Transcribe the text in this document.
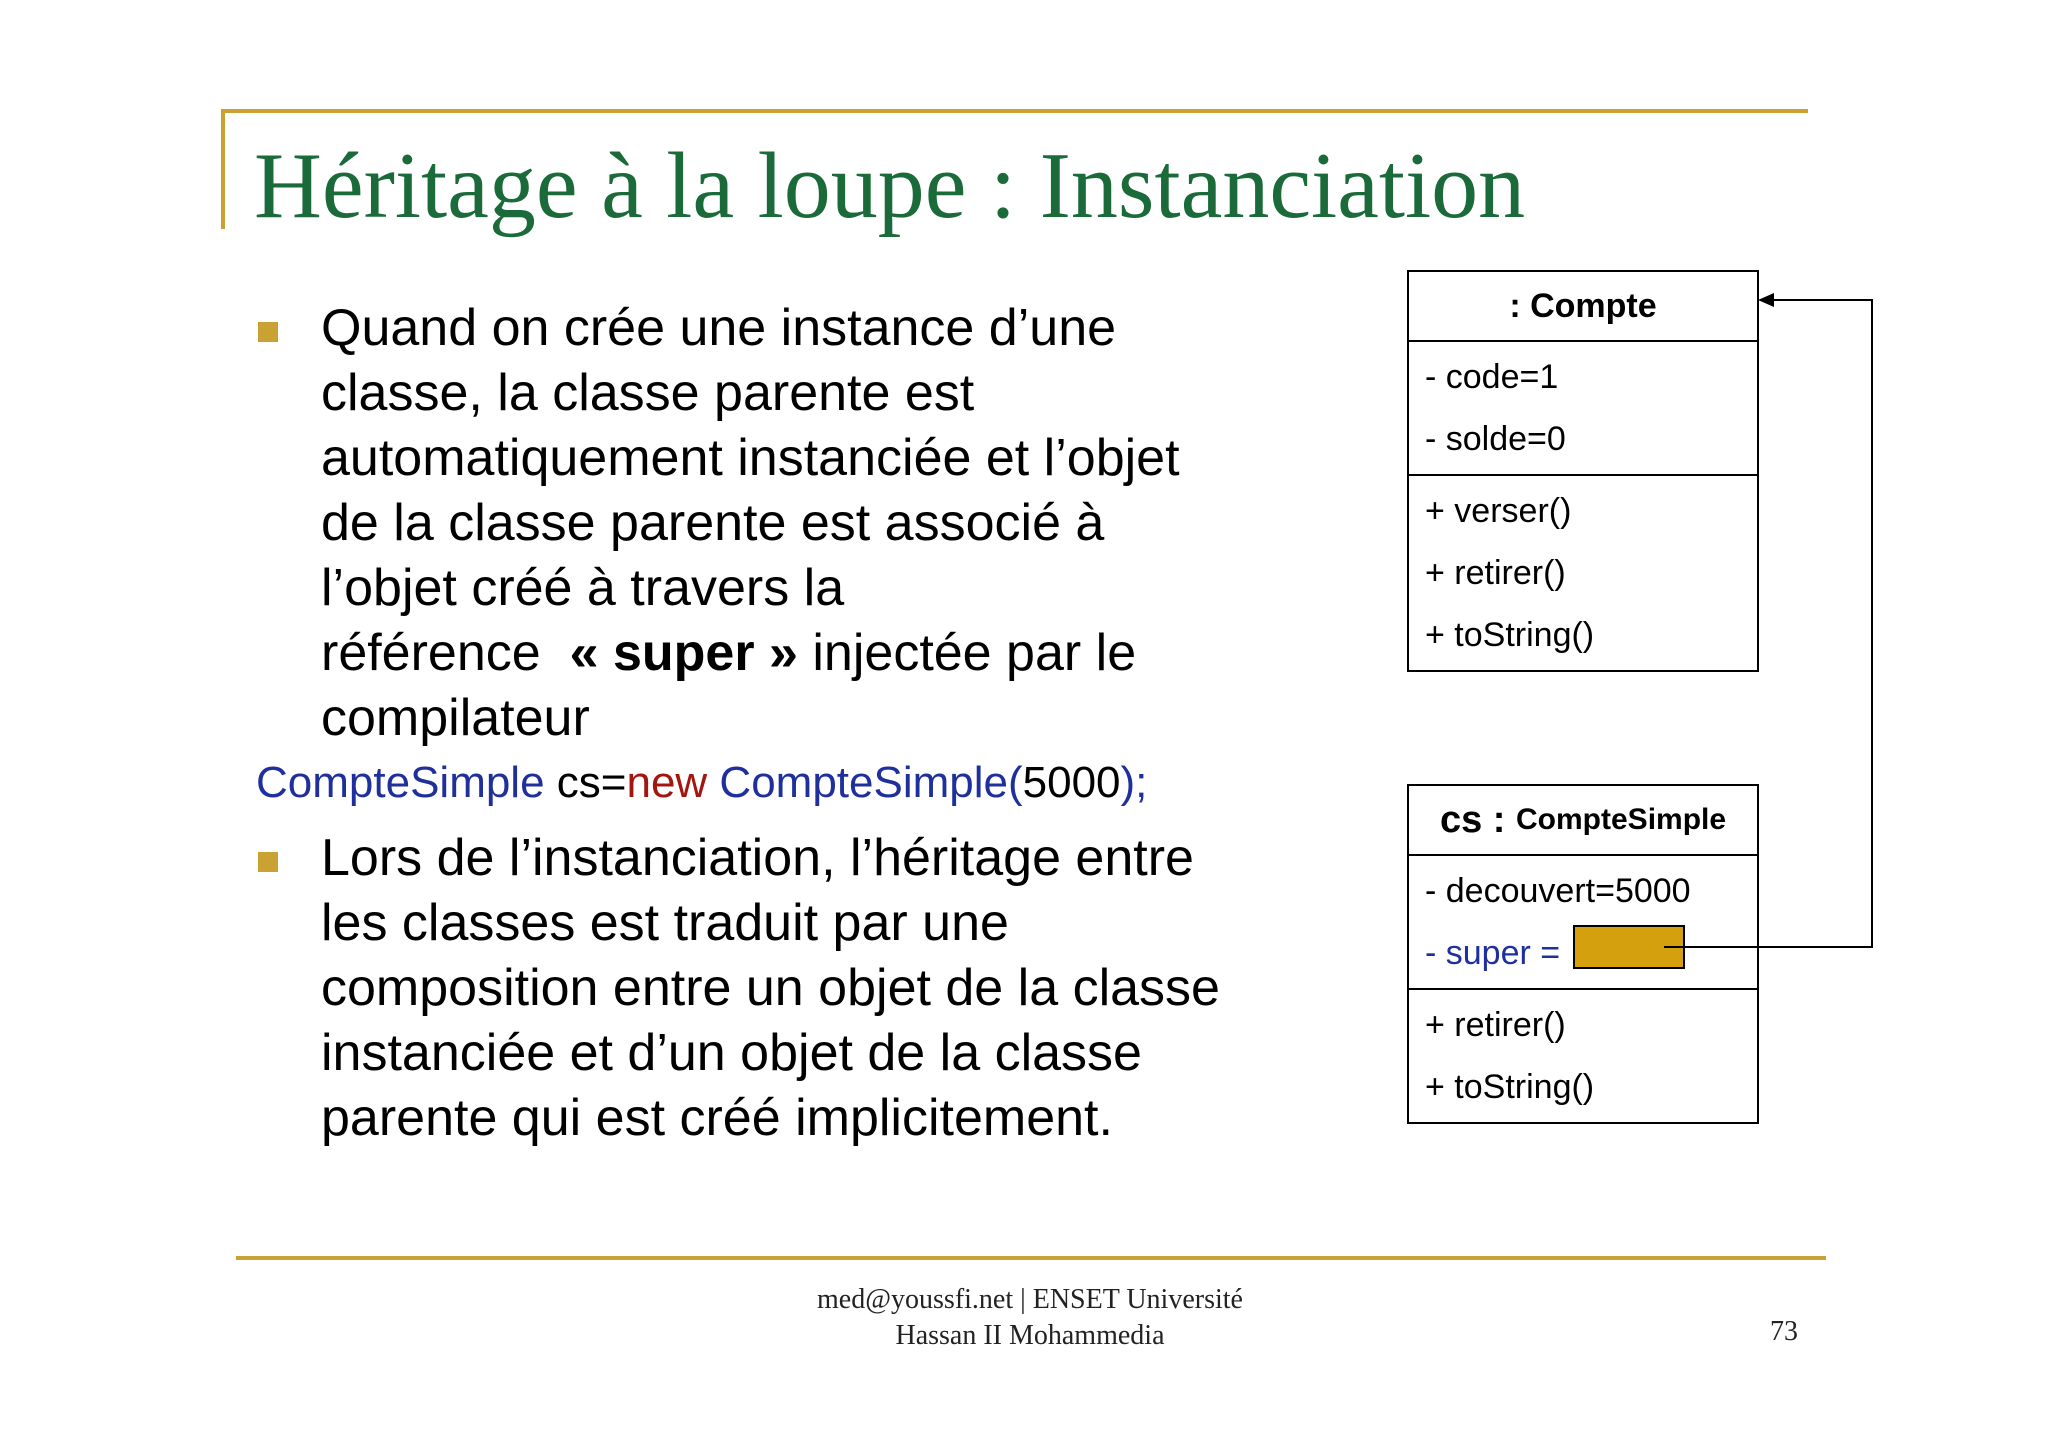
Héritage à la loupe : Instanciation
Quand on crée une instance d’une
classe, la classe parente est
automatiquement instanciée et l’objet
de la classe parente est associé à
l’objet créé à travers la
référence  « super » injectée par le
compilateur
CompteSimple cs=new CompteSimple(5000);
Lors de l’instanciation, l’héritage entre
les classes est traduit par une
composition entre un objet de la classe
instanciée et d’un objet de la classe
parente qui est créé implicitement.
: Compte
- code=1
- solde=0
+ verser()
+ retirer()
+ toString()
cs : CompteSimple
- decouvert=5000
- super =
+ retirer()
+ toString()
med@youssfi.net | ENSET Université
Hassan II Mohammedia	73
